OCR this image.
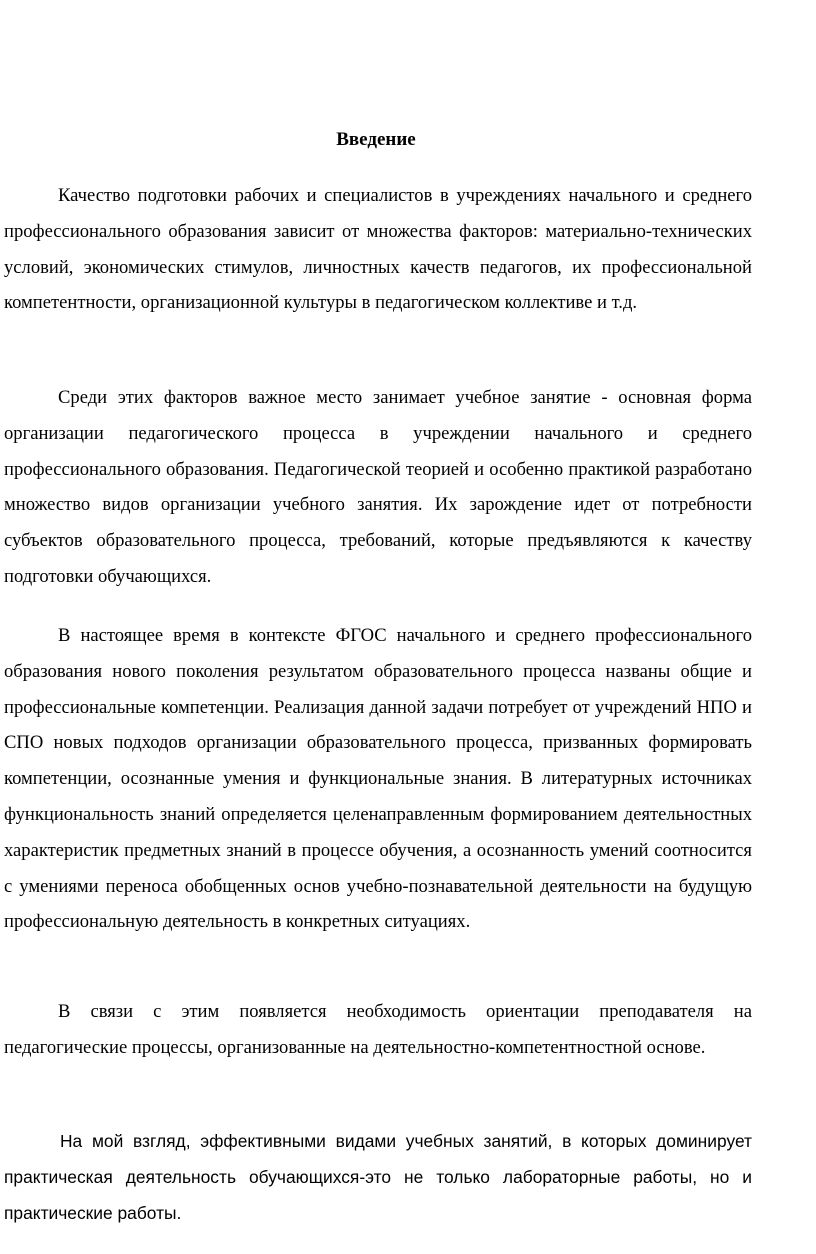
Введение

Качество подготовки рабочих и специалистов в учреждениях начального и среднего профессионального образования зависит от множества факторов: материально-технических условий, экономических стимулов, личностных качеств педагогов, их профессиональной компетентности, организационной культуры в педагогическом коллективе и т.д.

Среди этих факторов важное место занимает учебное занятие - основная форма организации педагогического процесса в учреждении начального и среднего профессионального образования. Педагогической теорией и особенно практикой разработано множество видов организации учебного занятия. Их зарождение идет от потребности субъектов образовательного процесса, требований, которые предъявляются к качеству подготовки обучающихся.

В настоящее время в контексте ФГОС начального и среднего профессионального образования нового поколения результатом образовательного процесса названы общие и профессиональные компетенции. Реализация данной задачи потребует от учреждений НПО и СПО новых подходов организации образовательного процесса, призванных формировать компетенции, осознанные умения и функциональные знания. В литературных источниках функциональность знаний определяется целенаправленным формированием деятельностных характеристик предметных знаний в процессе обучения, а осознанность умений соотносится с умениями переноса обобщенных основ учебно-познавательной деятельности на будущую профессиональную деятельность в конкретных ситуациях.

В связи с этим появляется необходимость ориентации преподавателя на педагогические процессы, организованные на деятельностно-компетентностной основе.

На мой взгляд, эффективными видами учебных занятий, в которых доминирует практическая деятельность обучающихся-это не только лабораторные работы, но и практические работы.
